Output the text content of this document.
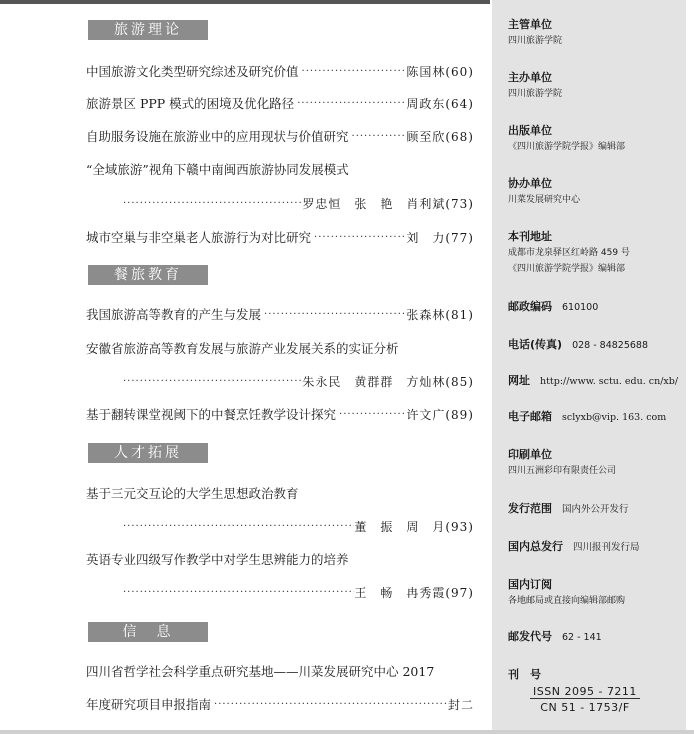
旅游理论
中国旅游文化类型研究综述及研究价值 ·····	陈国林(60)
旅游景区 PPP 模式的困境及优化路径 ·····	周政东(64)
自助服务设施在旅游业中的应用现状与价值研究 ·····	顾至欣(68)
“全域旅游”视角下赣中南闽西旅游协同发展模式
·····
罗忠恒　张　艳　肖利斌(73)
城市空巢与非空巢老人旅游行为对比研究 ·····	刘　力(77)
餐旅教育
我国旅游高等教育的产生与发展 ·····	张森林(81)
安徽省旅游高等教育发展与旅游产业发展关系的实证分析
·····
朱永民　黄群群　方灿林(85)
基于翻转课堂视阈下的中餐烹饪教学设计探究 ·····	许文广(89)
人才拓展
基于三元交互论的大学生思想政治教育
·····
董　振　周　月(93)
英语专业四级写作教学中对学生思辨能力的培养
·····
王　畅　冉秀霞(97)
信　息
四川省哲学社会科学重点研究基地——川菜发展研究中心 2017
年度研究项目申报指南 ·····	封二
主管单位
四川旅游学院
主办单位
四川旅游学院
出版单位
《四川旅游学院学报》编辑部
协办单位
川菜发展研究中心
本刊地址
成都市龙泉驿区红岭路 459 号
《四川旅游学院学报》编辑部
邮政编码 610100
电话(传真) 028 - 84825688
网址 http://www. sctu. edu. cn/xb/
电子邮箱 sclyxb@vip. 163. com
印刷单位
四川五洲彩印有限责任公司
发行范围 国内外公开发行
国内总发行 四川报刊发行局
国内订阅
各地邮局或直接向编辑部邮购
邮发代号 62 - 141
刊　号
ISSN 2095 - 7211
CN 51 - 1753/F
